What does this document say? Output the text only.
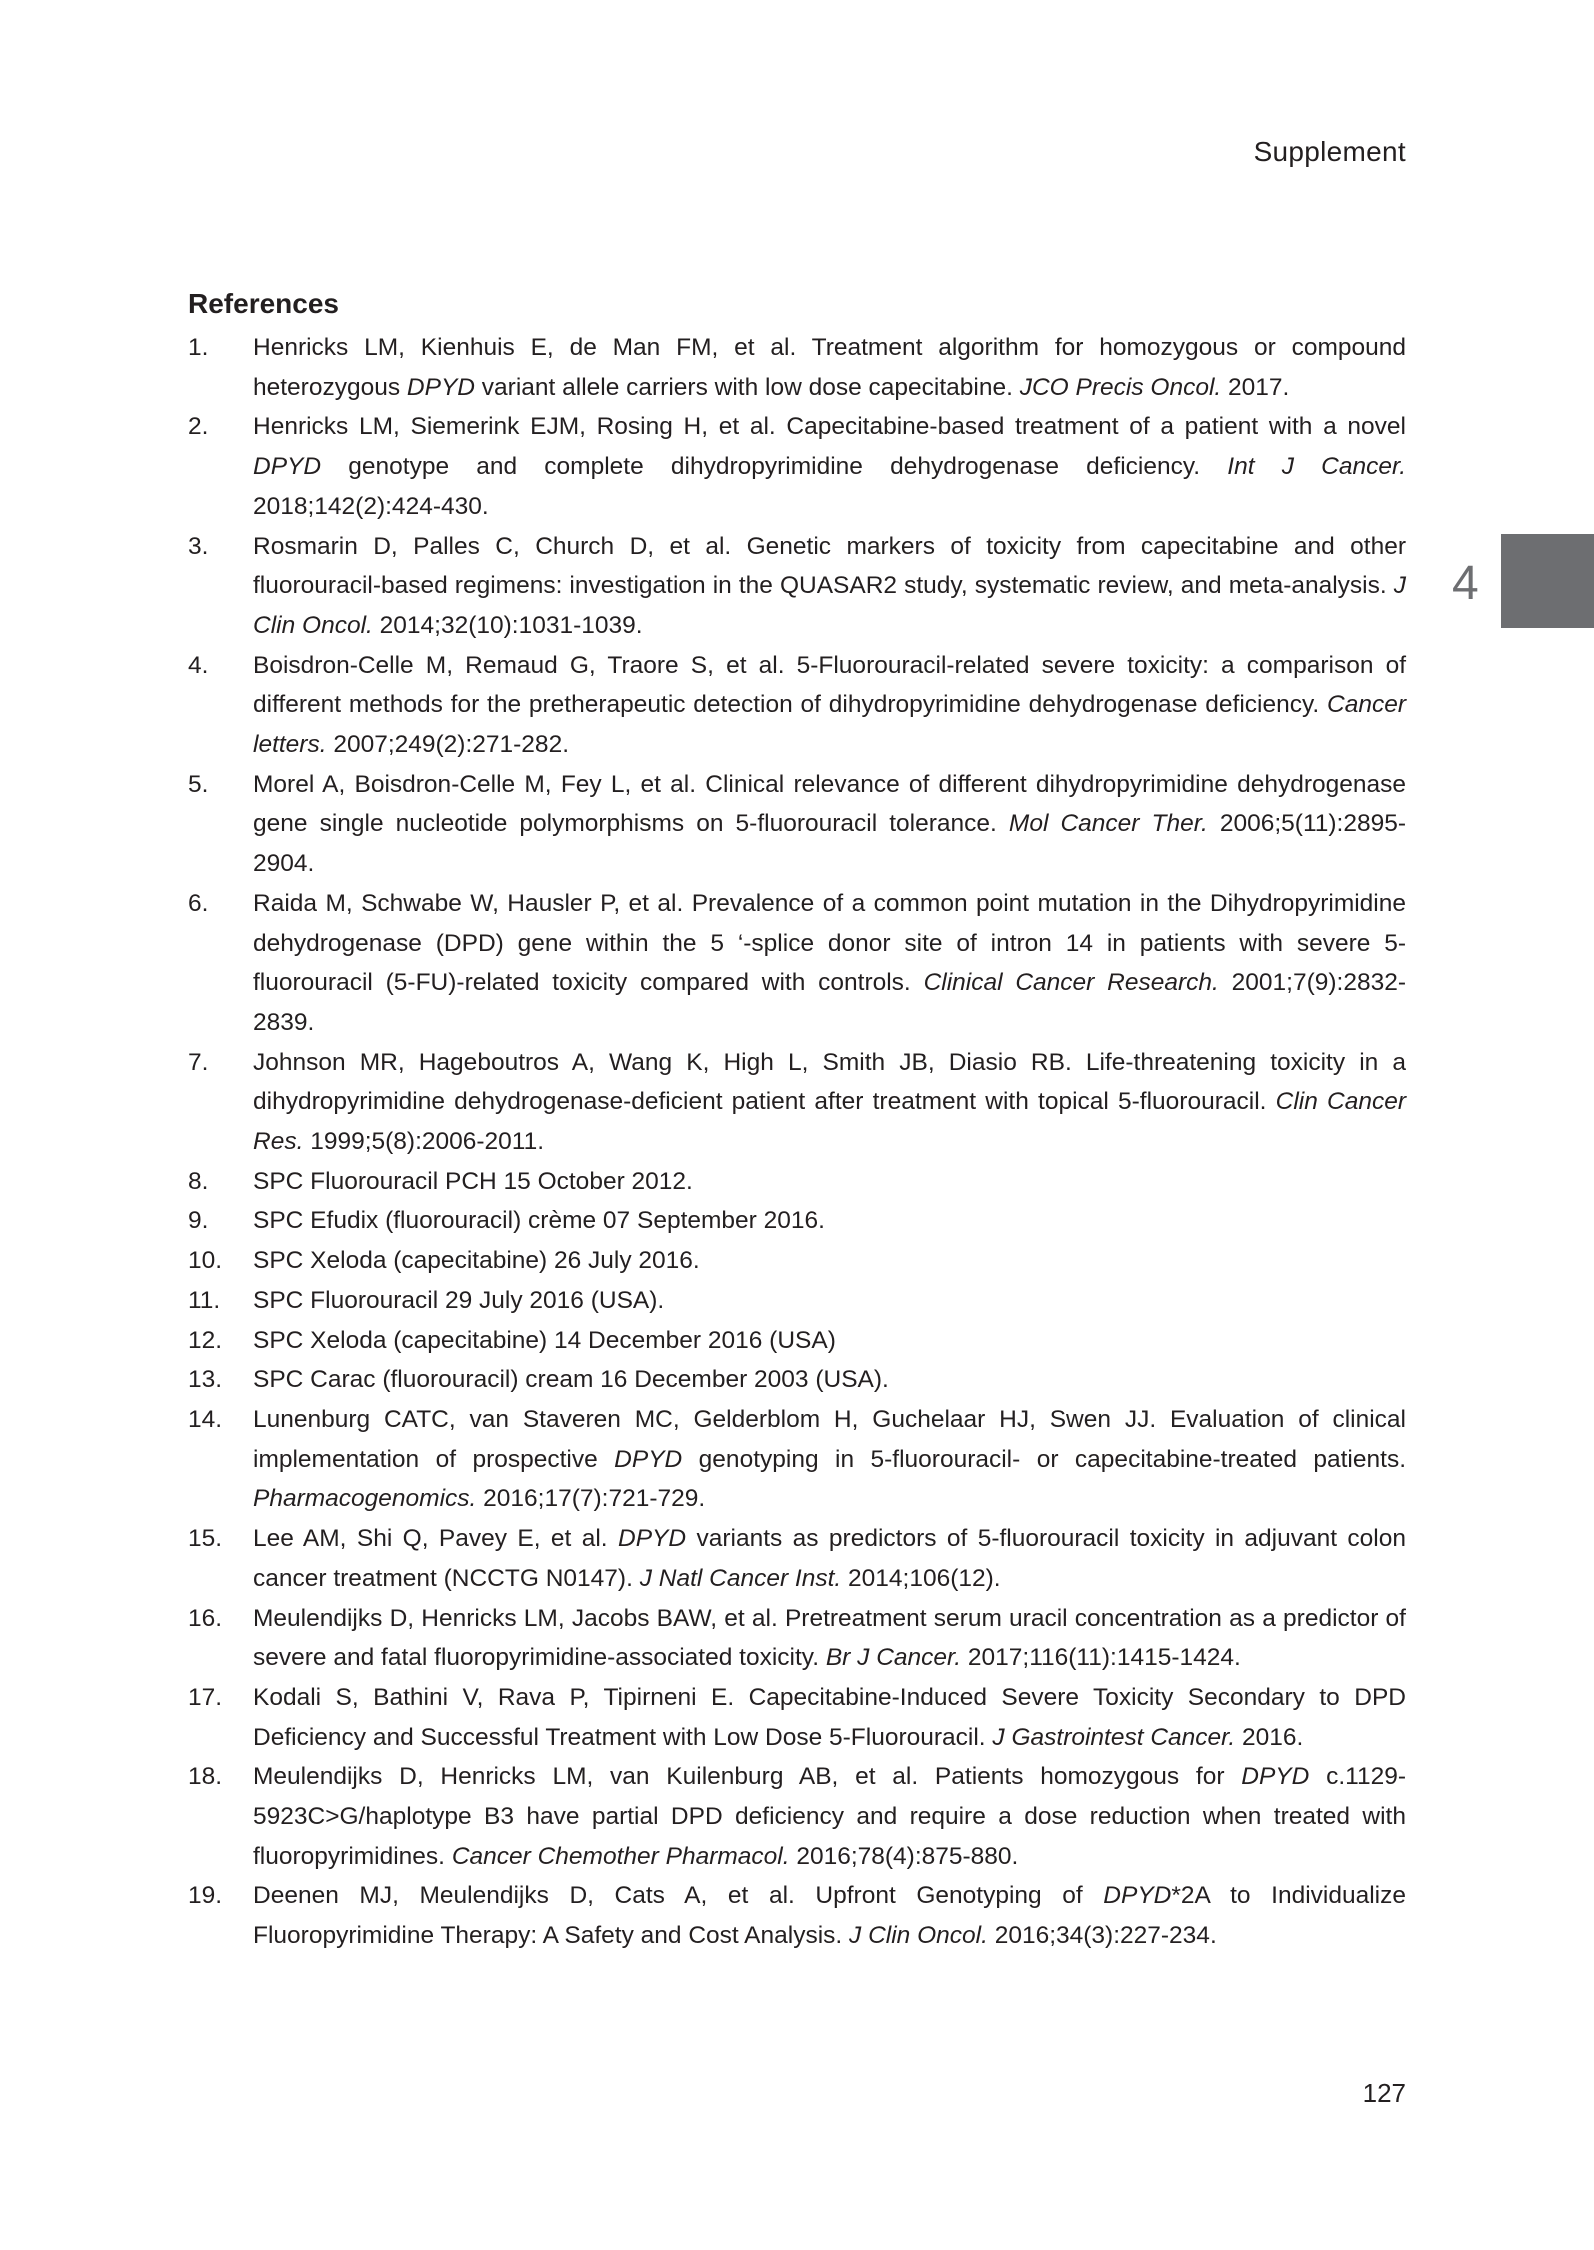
Supplement
4
References
1. Henricks LM, Kienhuis E, de Man FM, et al. Treatment algorithm for homozygous or compound heterozygous DPYD variant allele carriers with low dose capecitabine. JCO Precis Oncol. 2017.
2. Henricks LM, Siemerink EJM, Rosing H, et al. Capecitabine-based treatment of a patient with a novel DPYD genotype and complete dihydropyrimidine dehydrogenase deficiency. Int J Cancer. 2018;142(2):424-430.
3. Rosmarin D, Palles C, Church D, et al. Genetic markers of toxicity from capecitabine and other fluorouracil-based regimens: investigation in the QUASAR2 study, systematic review, and meta-analysis. J Clin Oncol. 2014;32(10):1031-1039.
4. Boisdron-Celle M, Remaud G, Traore S, et al. 5-Fluorouracil-related severe toxicity: a comparison of different methods for the pretherapeutic detection of dihydropyrimidine dehydrogenase deficiency. Cancer letters. 2007;249(2):271-282.
5. Morel A, Boisdron-Celle M, Fey L, et al. Clinical relevance of different dihydropyrimidine dehydrogenase gene single nucleotide polymorphisms on 5-fluorouracil tolerance. Mol Cancer Ther. 2006;5(11):2895-2904.
6. Raida M, Schwabe W, Hausler P, et al. Prevalence of a common point mutation in the Dihydropyrimidine dehydrogenase (DPD) gene within the 5 ‘-splice donor site of intron 14 in patients with severe 5-fluorouracil (5-FU)-related toxicity compared with controls. Clinical Cancer Research. 2001;7(9):2832-2839.
7. Johnson MR, Hageboutros A, Wang K, High L, Smith JB, Diasio RB. Life-threatening toxicity in a dihydropyrimidine dehydrogenase-deficient patient after treatment with topical 5-fluorouracil. Clin Cancer Res. 1999;5(8):2006-2011.
8. SPC Fluorouracil PCH 15 October 2012.
9. SPC Efudix (fluorouracil) crème 07 September 2016.
10. SPC Xeloda (capecitabine) 26 July 2016.
11. SPC Fluorouracil 29 July 2016 (USA).
12. SPC Xeloda (capecitabine) 14 December 2016 (USA)
13. SPC Carac (fluorouracil) cream 16 December 2003 (USA).
14. Lunenburg CATC, van Staveren MC, Gelderblom H, Guchelaar HJ, Swen JJ. Evaluation of clinical implementation of prospective DPYD genotyping in 5-fluorouracil- or capecitabine-treated patients. Pharmacogenomics. 2016;17(7):721-729.
15. Lee AM, Shi Q, Pavey E, et al. DPYD variants as predictors of 5-fluorouracil toxicity in adjuvant colon cancer treatment (NCCTG N0147). J Natl Cancer Inst. 2014;106(12).
16. Meulendijks D, Henricks LM, Jacobs BAW, et al. Pretreatment serum uracil concentration as a predictor of severe and fatal fluoropyrimidine-associated toxicity. Br J Cancer. 2017;116(11):1415-1424.
17. Kodali S, Bathini V, Rava P, Tipirneni E. Capecitabine-Induced Severe Toxicity Secondary to DPD Deficiency and Successful Treatment with Low Dose 5-Fluorouracil. J Gastrointest Cancer. 2016.
18. Meulendijks D, Henricks LM, van Kuilenburg AB, et al. Patients homozygous for DPYD c.1129-5923C>G/haplotype B3 have partial DPD deficiency and require a dose reduction when treated with fluoropyrimidines. Cancer Chemother Pharmacol. 2016;78(4):875-880.
19. Deenen MJ, Meulendijks D, Cats A, et al. Upfront Genotyping of DPYD*2A to Individualize Fluoropyrimidine Therapy: A Safety and Cost Analysis. J Clin Oncol. 2016;34(3):227-234.
127
